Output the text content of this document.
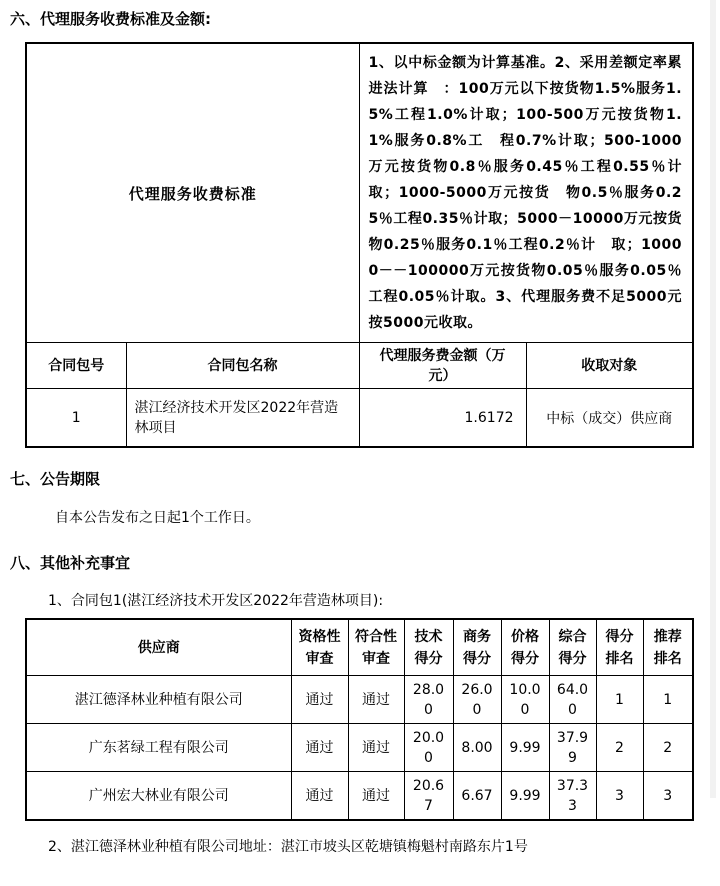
六、代理服务收费标准及金额:
代理服务收费标准		1、以中标金额为计算基准。2、采用差额定率累进法计算　：100万元以下按货物1.5%服务1.5%工程1.0%计取；100-500万元按货物1.1%服务0.8%工　程0.7%计取；500-1000万元按货物0.8％服务0.45％工程0.55％计取；1000-5000万元按货　物0.5％服务0.25％工程0.35％计取；5000－10000万元按货物0.25％服务0.1％工程0.2％计　取；10000－－100000万元按货物0.05％服务0.05％工程0.05％计取。3、代理服务费不足5000元按5000元收取。	
合同包号	合同包名称	代理服务费金额（万元）	收取对象
1	湛江经济技术开发区2022年营造林项目	1.6172	中标（成交）供应商
七、公告期限
自本公告发布之日起1个工作日。
八、其他补充事宜
1、合同包1(湛江经济技术开发区2022年营造林项目):
供应商	资格性审查	符合性审查	技术得分	商务得分	价格得分	综合得分	得分排名	推荐排名
湛江德泽林业种植有限公司	通过	通过	28.00	26.00	10.00	64.00	1	1
广东茗绿工程有限公司	通过	通过	20.00	8.00	9.99	37.99	2	2
广州宏大林业有限公司	通过	通过	20.67	6.67	9.99	37.33	3	3
2、湛江德泽林业种植有限公司地址：湛江市坡头区乾塘镇梅魁村南路东片1号
